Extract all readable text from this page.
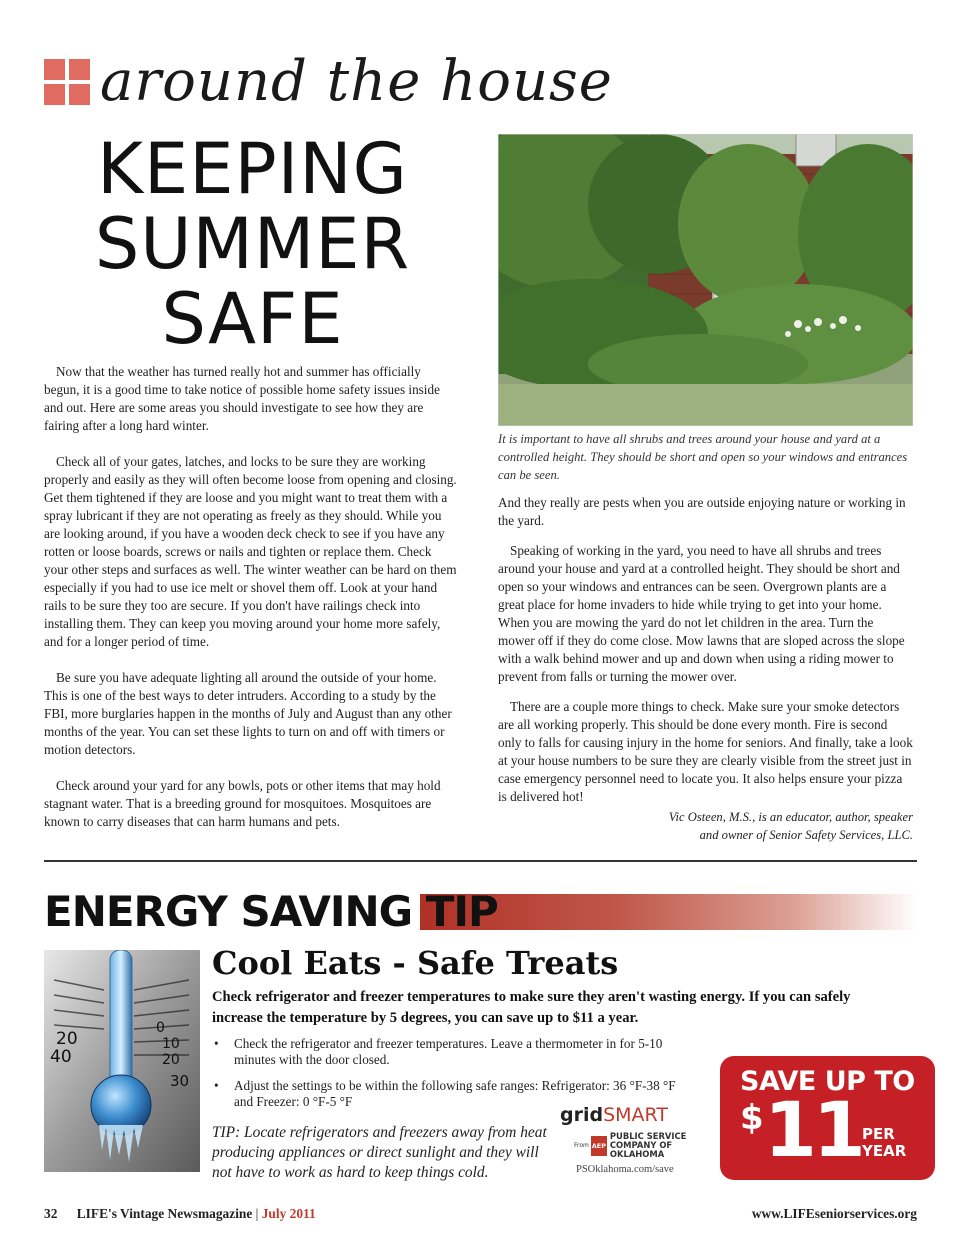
around the house
KEEPING
SUMMER
SAFE

Now that the weather has turned really hot and summer has officially begun, it is a good time to take notice of possible home safety issues inside and out. Here are some areas you should investigate to see how they are fairing after a long hard winter.

Check all of your gates, latches, and locks to be sure they are working properly and easily as they will often become loose from opening and closing. Get them tightened if they are loose and you might want to treat them with a spray lubricant if they are not operating as freely as they should. While you are looking around, if you have a wooden deck check to see if you have any rotten or loose boards, screws or nails and tighten or replace them. Check your other steps and surfaces as well. The winter weather can be hard on them especially if you had to use ice melt or shovel them off. Look at your hand rails to be sure they too are secure. If you don't have railings check into installing them. They can keep you moving around your home more safely, and for a longer period of time.

Be sure you have adequate lighting all around the outside of your home. This is one of the best ways to deter intruders. According to a study by the FBI, more burglaries happen in the months of July and August than any other months of the year. You can set these lights to turn on and off with timers or motion detectors.

Check around your yard for any bowls, pots or other items that may hold stagnant water. That is a breeding ground for mosquitoes. Mosquitoes are known to carry diseases that can harm humans and pets.

It is important to have all shrubs and trees around your house and yard at a controlled height. They should be short and open so your windows and entrances can be seen.

And they really are pests when you are outside enjoying nature or working in the yard.

Speaking of working in the yard, you need to have all shrubs and trees around your house and yard at a controlled height. They should be short and open so your windows and entrances can be seen. Overgrown plants are a great place for home invaders to hide while trying to get into your home. When you are mowing the yard do not let children in the area. Turn the mower off if they do come close. Mow lawns that are sloped across the slope with a walk behind mower and up and down when using a riding mower to prevent from falls or turning the mower over.

There are a couple more things to check. Make sure your smoke detectors are all working properly. This should be done every month. Fire is second only to falls for causing injury in the home for seniors. And finally, take a look at your house numbers to be sure they are clearly visible from the street just in case emergency personnel need to locate you. It also helps ensure your pizza is delivered hot!

Vic Osteen, M.S., is an educator, author, speaker
and owner of Senior Safety Services, LLC.
ENERGY SAVING TIP
20
40
0
10
20
30
Cool Eats - Safe Treats
Check refrigerator and freezer temperatures to make sure they aren't wasting energy. If you can safely increase the temperature by 5 degrees, you can save up to $11 a year.
• Check the refrigerator and freezer temperatures. Leave a thermometer in for 5-10 minutes with the door closed.
• Adjust the settings to be within the following safe ranges: Refrigerator: 36 °F-38 °F and Freezer: 0 °F-5 °F
TIP: Locate refrigerators and freezers away from heat producing appliances or direct sunlight and they will not have to work as hard to keep things cold.
gridSMART
From AEP
PUBLIC SERVICE COMPANY OF OKLAHOMA
PSOklahoma.com/save
SAVE UP TO
$ 11 PER
YEAR
32 LIFE's Vintage Newsmagazine | July 2011	www.LIFEseniorservices.org
